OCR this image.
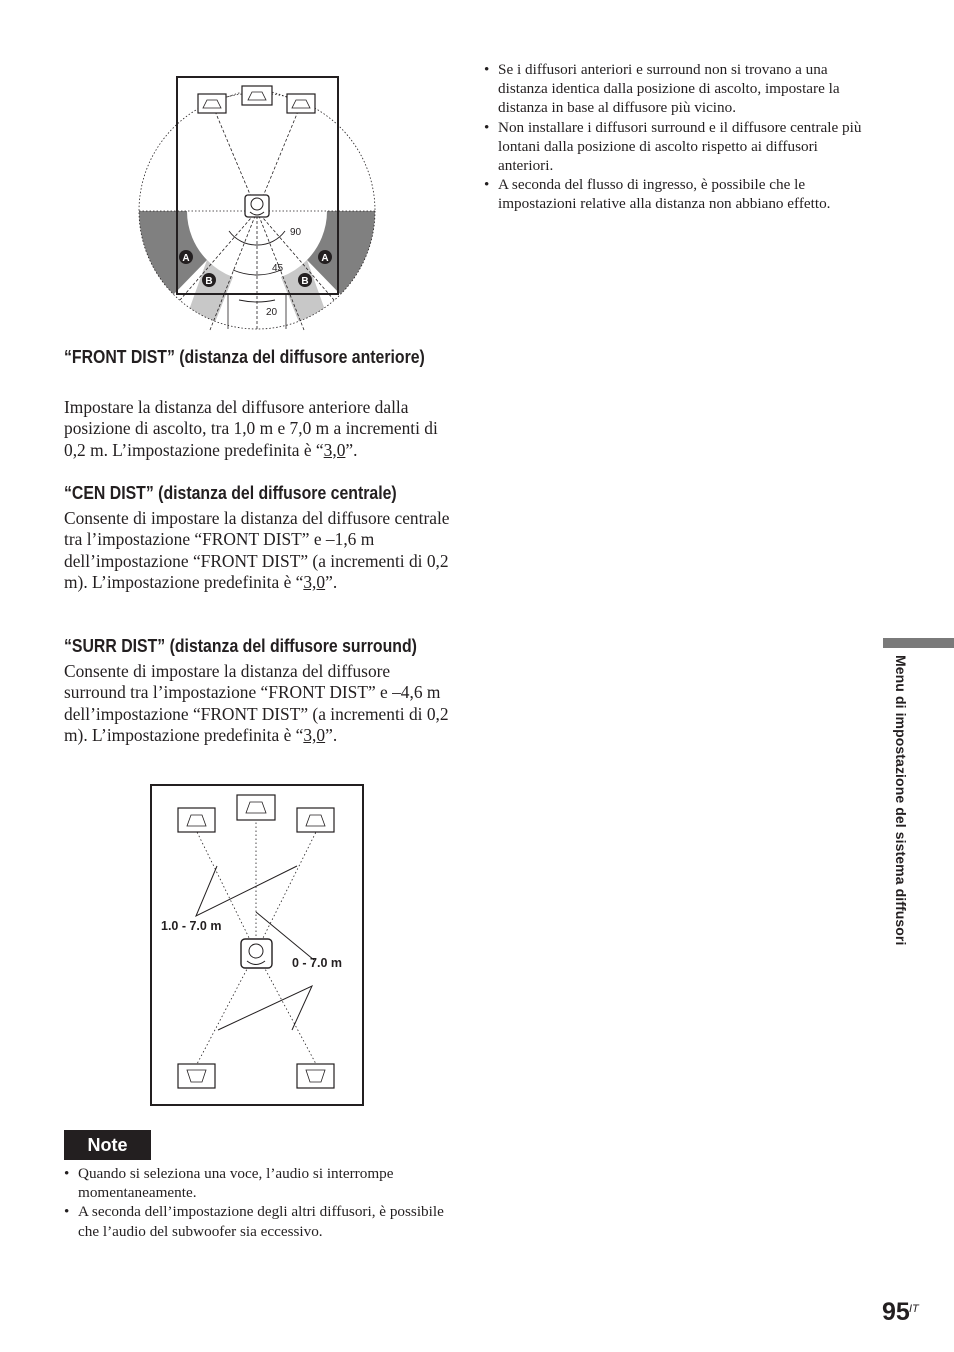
90
45
20
A	A
B	B
“FRONT DIST” (distanza del diffusore anteriore)

Impostare la distanza del diffusore anteriore dalla posizione di ascolto, tra 1,0 m e 7,0 m a incrementi di 0,2 m. L’impostazione predefinita è “3,0”.

“CEN DIST” (distanza del diffusore centrale)

Consente di impostare la distanza del diffusore centrale tra l’impostazione “FRONT DIST” e –1,6 m dell’impostazione “FRONT DIST” (a incrementi di 0,2 m). L’impostazione predefinita è “3,0”.

“SURR DIST” (distanza del diffusore surround)

Consente di impostare la distanza del diffusore surround tra l’impostazione “FRONT DIST” e –4,6 m dell’impostazione “FRONT DIST” (a incrementi di 0,2 m). L’impostazione predefinita è “3,0”.

1.0 - 7.0 m
0 - 7.0 m
Note
• Quando si seleziona una voce, l’audio si interrompe momentaneamente.
• A seconda dell’impostazione degli altri diffusori, è possibile che l’audio del subwoofer sia eccessivo.
• Se i diffusori anteriori e surround non si trovano a una distanza identica dalla posizione di ascolto, impostare la distanza in base al diffusore più vicino.
• Non installare i diffusori surround e il diffusore centrale più lontani dalla posizione di ascolto rispetto ai diffusori anteriori.
• A seconda del flusso di ingresso, è possibile che le impostazioni relative alla distanza non abbiano effetto.
Menu di impostazione del sistema diffusori
95 IT
